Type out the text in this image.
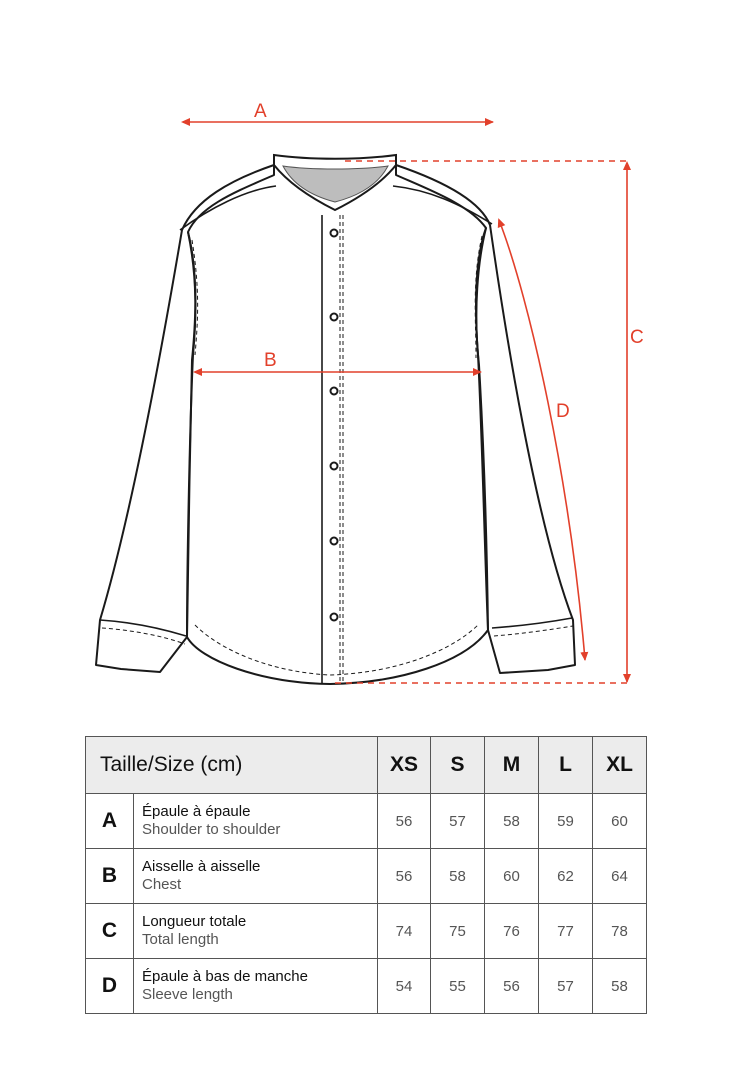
A
B
C
D
Taille/Size (cm)		XS	S	M	L	XL
A	Épaule à épaule
Shoulder to shoulder	56	57	58	59	60
B	Aisselle à aisselle
Chest	56	58	60	62	64
C	Longueur totale
Total length	74	75	76	77	78
D	Épaule à bas de manche
Sleeve length	54	55	56	57	58
